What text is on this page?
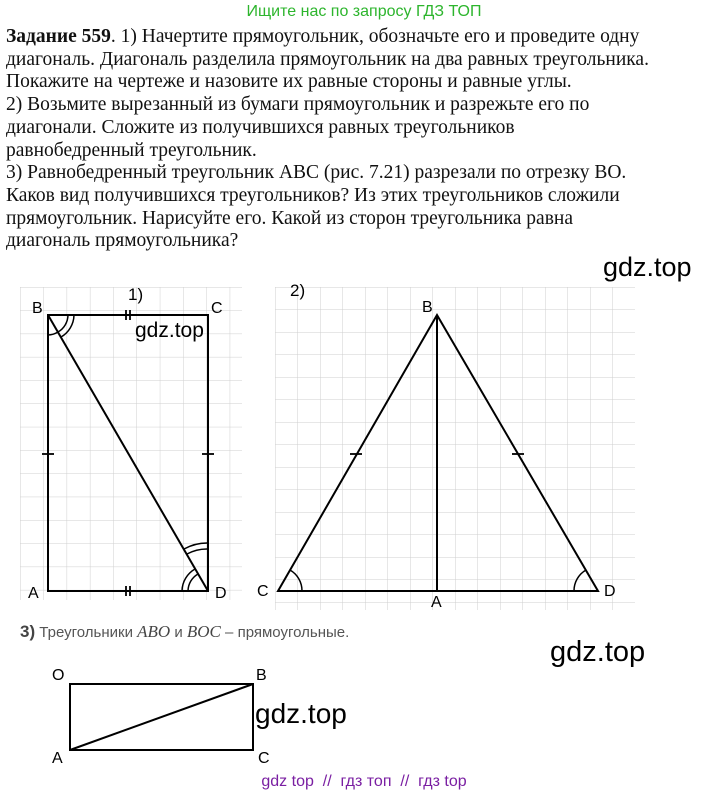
Ищите нас по запросу ГДЗ ТОП

Задание 559. 1) Начертите прямоугольник, обозначьте его и проведите одну

диагональ. Диагональ разделила прямоугольник на два равных треугольника.

Покажите на чертеже и назовите их равные стороны и равные углы.

2) Возьмите вырезанный из бумаги прямоугольник и разрежьте его по

диагонали. Сложите из получившихся равных треугольников

равнобедренный треугольник.

3) Равнобедренный треугольник ABC (рис. 7.21) разрезали по отрезку BO.

Каков вид получившихся треугольников? Из этих треугольников сложили

прямоугольник. Нарисуйте его. Какой из сторон треугольника равна

диагональ прямоугольника?

1)
B	C
A	D
2)
B
C
A
D
O	B
A	C
3) Треугольники ABO и BOC – прямоугольные.
gdz.top
gdz.top
gdz.top
gdz.top
gdz top  //  гдз топ  //  гдз top
